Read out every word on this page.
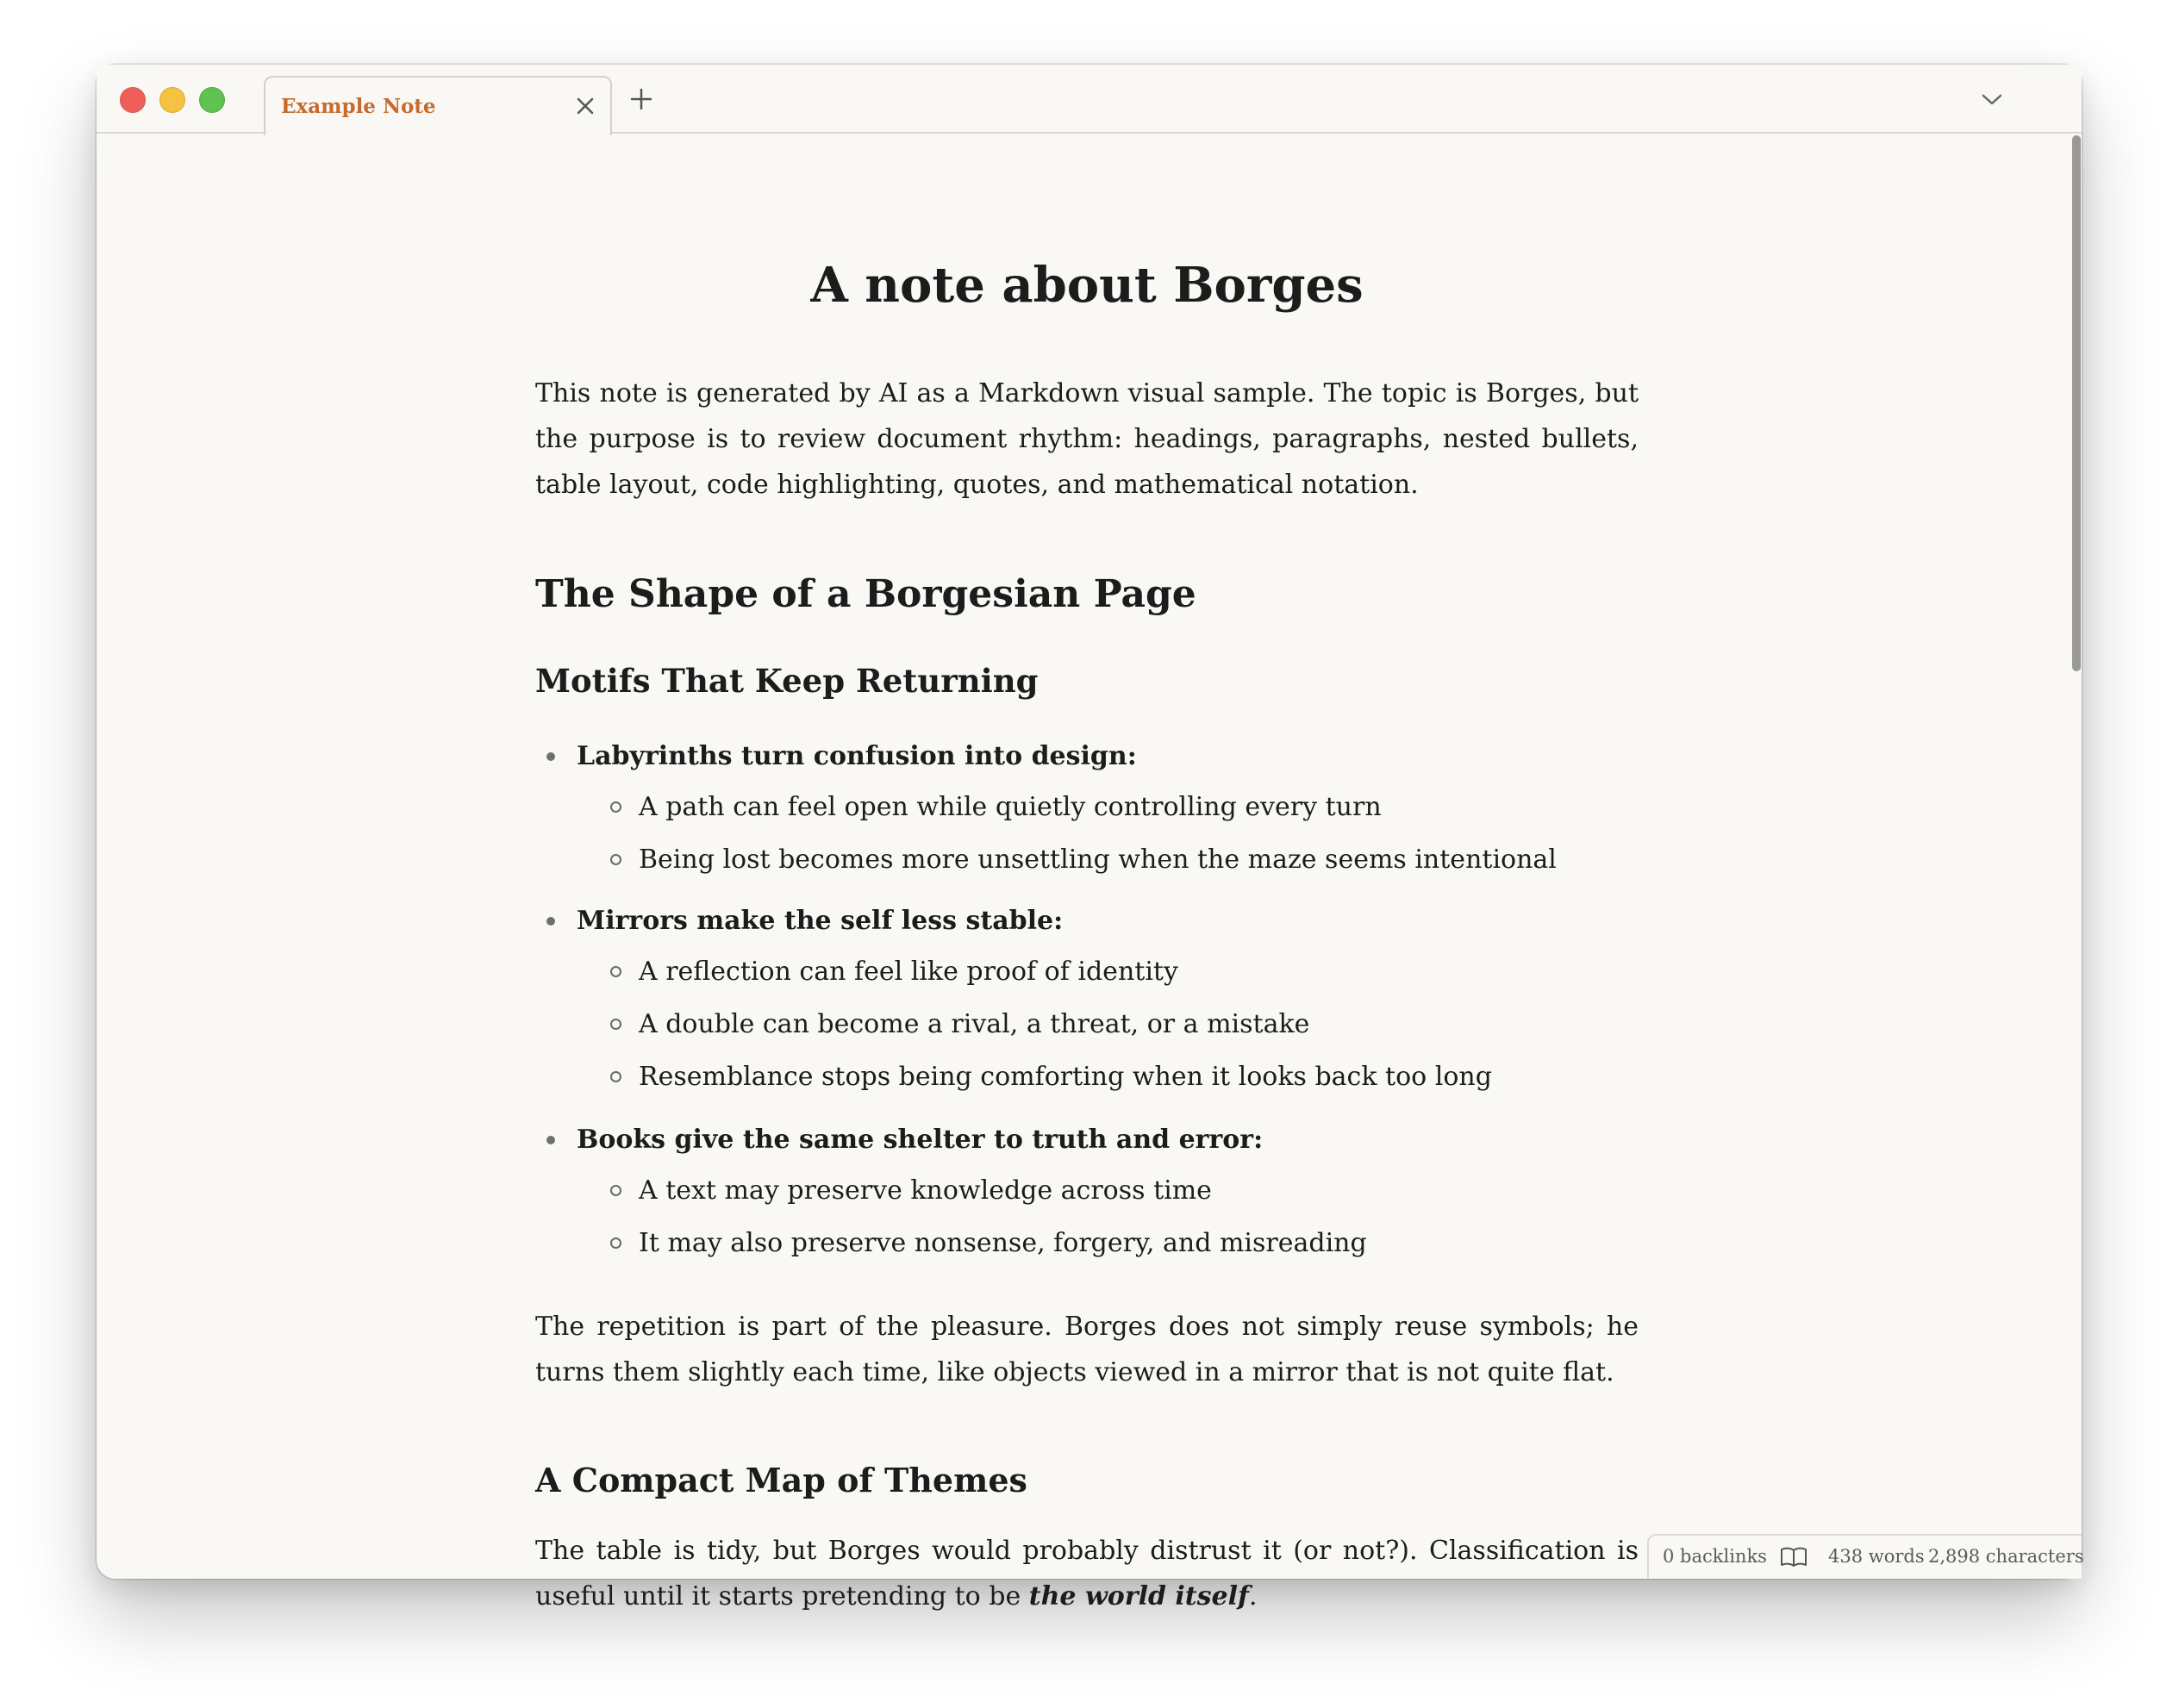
Example Note
A note about Borges

This note is generated by AI as a Markdown visual sample. The topic is Borges, but the purpose is to review document rhythm: headings, paragraphs, nested bullets, table layout, code highlighting, quotes, and mathematical notation.

The Shape of a Borgesian Page
Motifs That Keep Returning
Labyrinths turn confusion into design:
A path can feel open while quietly controlling every turn
Being lost becomes more unsettling when the maze seems intentional
Mirrors make the self less stable:
A reflection can feel like proof of identity
A double can become a rival, a threat, or a mistake
Resemblance stops being comforting when it looks back too long
Books give the same shelter to truth and error:
A text may preserve knowledge across time
It may also preserve nonsense, forgery, and misreading

The repetition is part of the pleasure. Borges does not simply reuse symbols; he turns them slightly each time, like objects viewed in a mirror that is not quite flat.

A Compact Map of Themes

The table is tidy, but Borges would probably distrust it (or not?). Classification is useful until it starts pretending to be the world itself.

0 backlinks	438 words 2,898 characters
